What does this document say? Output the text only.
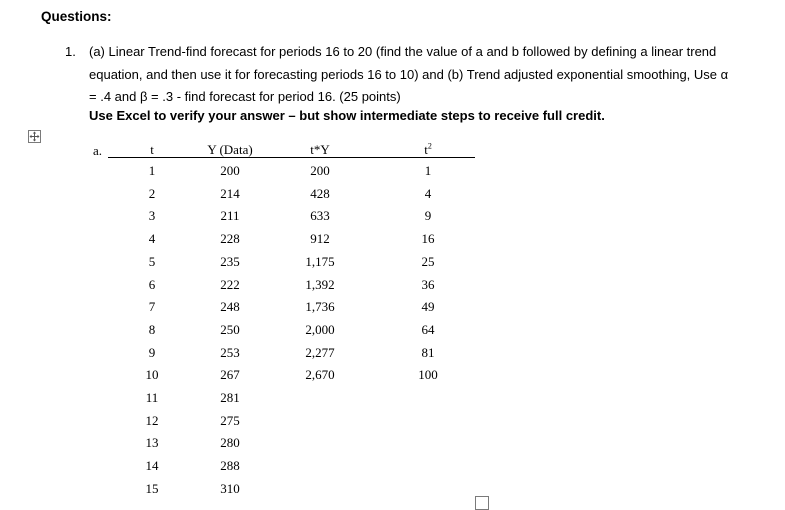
Questions:
1. (a) Linear Trend-find forecast for periods 16 to 20 (find the value of a and b followed by defining a linear trend
equation, and then use it for forecasting periods 16 to 10) and (b) Trend adjusted exponential smoothing, Use α
= .4 and β = .3 - find forecast for period 16. (25 points)
Use Excel to verify your answer – but show intermediate steps to receive full credit.
a.	t	Y (Data)	t*Y	$t^2$
1	200	200	1
2	214	428	4
3	211	633	9
4	228	912	16
5	235	1,175	25
6	222	1,392	36
7	248	1,736	49
8	250	2,000	64
9	253	2,277	81
10	267	2,670	100
11	281
12	275
13	280
14	288
15	310
